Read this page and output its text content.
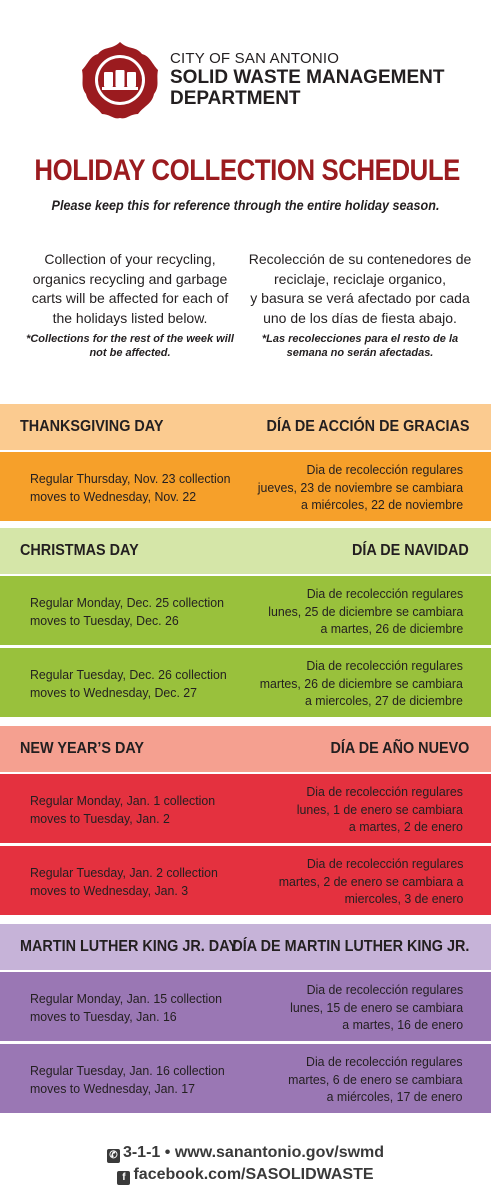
CITY OF SAN ANTONIO
SOLID WASTE MANAGEMENT
DEPARTMENT
HOLIDAY COLLECTION SCHEDULE
Please keep this for reference through the entire holiday season.

Collection of your recycling,
organics recycling and garbage
carts will be affected for each of
the holidays listed below.

*Collections for the rest of the week will
not be affected.

Recolección de su contenedores de
reciclaje, reciclaje organico,
y basura se verá afectado por cada
uno de los días de fiesta abajo.

*Las recolecciones para el resto de la
semana no serán afectadas.

THANKSGIVING DAY	DÍA DE ACCIÓN DE GRACIAS
Regular Thursday, Nov. 23 collection
moves to Wednesday, Nov. 22
Dia de recolección regulares
jueves, 23 de noviembre se cambiara
a miércoles, 22 de noviembre
CHRISTMAS DAY	DÍA DE NAVIDAD
Regular Monday, Dec. 25 collection
moves to Tuesday, Dec. 26
Dia de recolección regulares
lunes, 25 de diciembre se cambiara
a martes, 26 de diciembre
Regular Tuesday, Dec. 26 collection
moves to Wednesday, Dec. 27
Dia de recolección regulares
martes, 26 de diciembre se cambiara
a miercoles, 27 de diciembre
NEW YEAR’S DAY	DÍA DE AÑO NUEVO
Regular Monday, Jan. 1 collection
moves to Tuesday, Jan. 2
Dia de recolección regulares
lunes, 1 de enero se cambiara
a martes, 2 de enero
Regular Tuesday, Jan. 2 collection
moves to Wednesday, Jan. 3
Dia de recolección regulares
martes, 2 de enero se cambiara a
miercoles, 3 de enero
MARTIN LUTHER KING JR. DAY
DÍA DE MARTIN LUTHER KING JR.
Regular Monday, Jan. 15 collection
moves to Tuesday, Jan. 16
Dia de recolección regulares
lunes, 15 de enero se cambiara
a martes, 16 de enero
Regular Tuesday, Jan. 16 collection
moves to Wednesday, Jan. 17
Dia de recolección regulares
martes, 6 de enero se cambiara
a miércoles, 17 de enero
✆ 3-1-1 • www.sanantonio.gov/swmd
f facebook.com/SASOLIDWASTE
